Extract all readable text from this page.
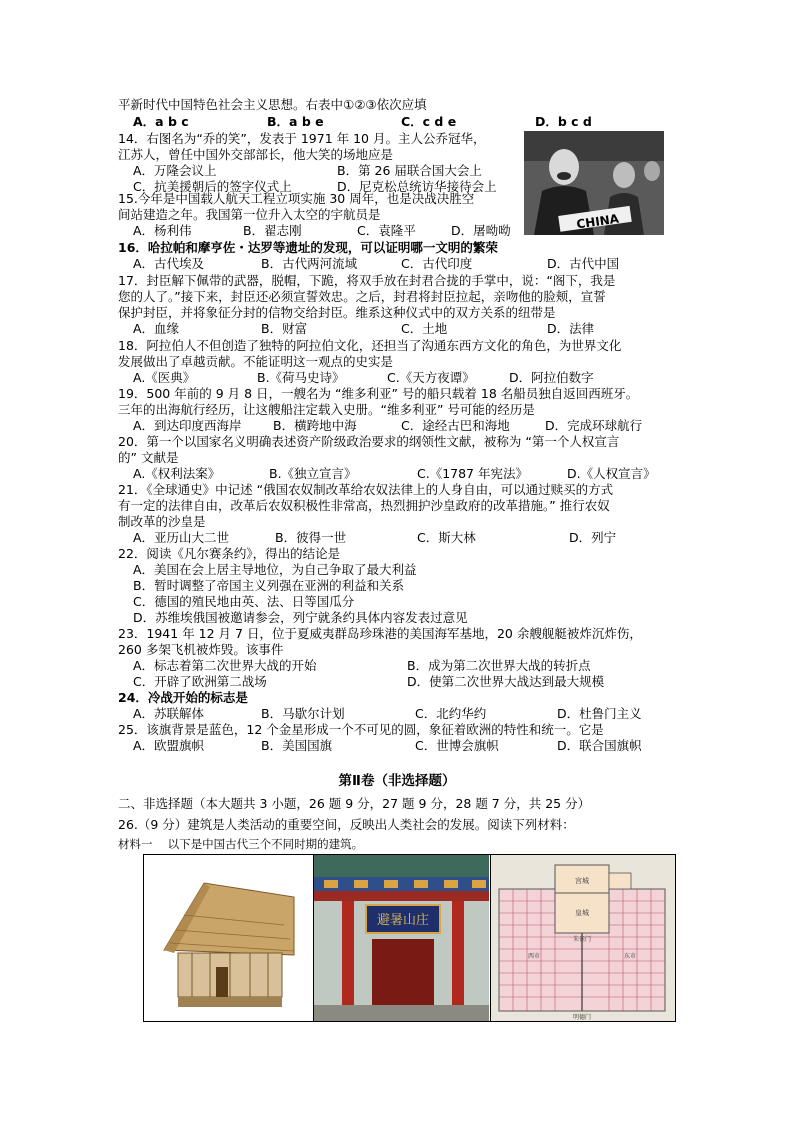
平新时代中国特色社会主义思想。右表中①②③依次应填
A．a b c	B．a b e	C．c d e	D．b c d
14．右图名为“乔的笑”，发表于 1971 年 10 月。主人公乔冠华，
江苏人，曾任中国外交部部长，他大笑的场地应是
A．万隆会议上	B．第 26 届联合国大会上
C．抗美援朝后的签字仪式上	D．尼克松总统访华接待会上
CHINA
15.今年是中国载人航天工程立项实施 30 周年，也是决战决胜空
间站建造之年。我国第一位升入太空的宇航员是
A．杨利伟	B．翟志刚	C．袁隆平	D．屠呦呦
16．哈拉帕和摩亨佐・达罗等遗址的发现，可以证明哪一文明的繁荣
A．古代埃及	B．古代两河流域	C．古代印度	D．古代中国
17．封臣解下佩带的武器，脱帽，下跪，将双手放在封君合拢的手掌中，说：“阁下，我是
您的人了。”接下来，封臣还必须宣誓效忠。之后，封君将封臣拉起，亲吻他的脸颊，宣誓
保护封臣，并将象征分封的信物交给封臣。维系这种仪式中的双方关系的纽带是
A．血缘	B．财富	C．土地	D．法律
18．阿拉伯人不但创造了独特的阿拉伯文化，还担当了沟通东西方文化的角色，为世界文化
发展做出了卓越贡献。不能证明这一观点的史实是
A.《医典》	B.《荷马史诗》	C.《天方夜谭》	D．阿拉伯数字
19．500 年前的 9 月 8 日，一艘名为 “维多利亚” 号的船只载着 18 名船员独自返回西班牙。
三年的出海航行经历，让这艘船注定载入史册。“维多利亚” 号可能的经历是
A．到达印度西海岸	B．横跨地中海	C．途经古巴和海地	D．完成环球航行
20．第一个以国家名义明确表述资产阶级政治要求的纲领性文献，被称为 “第一个人权宣言
的” 文献是
A.《权利法案》	B.《独立宣言》	C.《1787 年宪法》	D.《人权宣言》
21．《全球通史》中记述 “俄国农奴制改革给农奴法律上的人身自由，可以通过赎买的方式
有一定的法律自由，改革后农奴积极性非常高，热烈拥护沙皇政府的改革措施。” 推行农奴
制改革的沙皇是
A．亚历山大二世	B．彼得一世	C．斯大林	D．列宁
22．阅读《凡尔赛条约》，得出的结论是
A．美国在会上居主导地位，为自己争取了最大利益
B．暂时调整了帝国主义列强在亚洲的利益和关系
C．德国的殖民地由英、法、日等国瓜分
D．苏维埃俄国被邀请参会，列宁就条约具体内容发表过意见
23．1941 年 12 月 7 日，位于夏威夷群岛珍珠港的美国海军基地，20 余艘舰艇被炸沉炸伤，
260 多架飞机被炸毁。该事件
A．标志着第二次世界大战的开始	B．成为第二次世界大战的转折点
C．开辟了欧洲第二战场	D．使第二次世界大战达到最大规模
24．冷战开始的标志是
A．苏联解体	B．马歇尔计划	C．北约华约	D．杜鲁门主义
25．该旗背景是蓝色，12 个金星形成一个不可见的圆，象征着欧洲的特性和统一。它是
A．欧盟旗帜	B．美国国旗	C．世博会旗帜	D．联合国旗帜
第Ⅱ卷（非选择题）
二、非选择题（本大题共 3 小题，26 题 9 分，27 题 9 分，28 题 7 分，共 25 分）
26.（9 分）建筑是人类活动的重要空间，反映出人类社会的发展。阅读下列材料：
材料一　 以下是中国古代三个不同时期的建筑。
避暑山庄
宫城
皇城
朱雀门
明德门
东市
西市
